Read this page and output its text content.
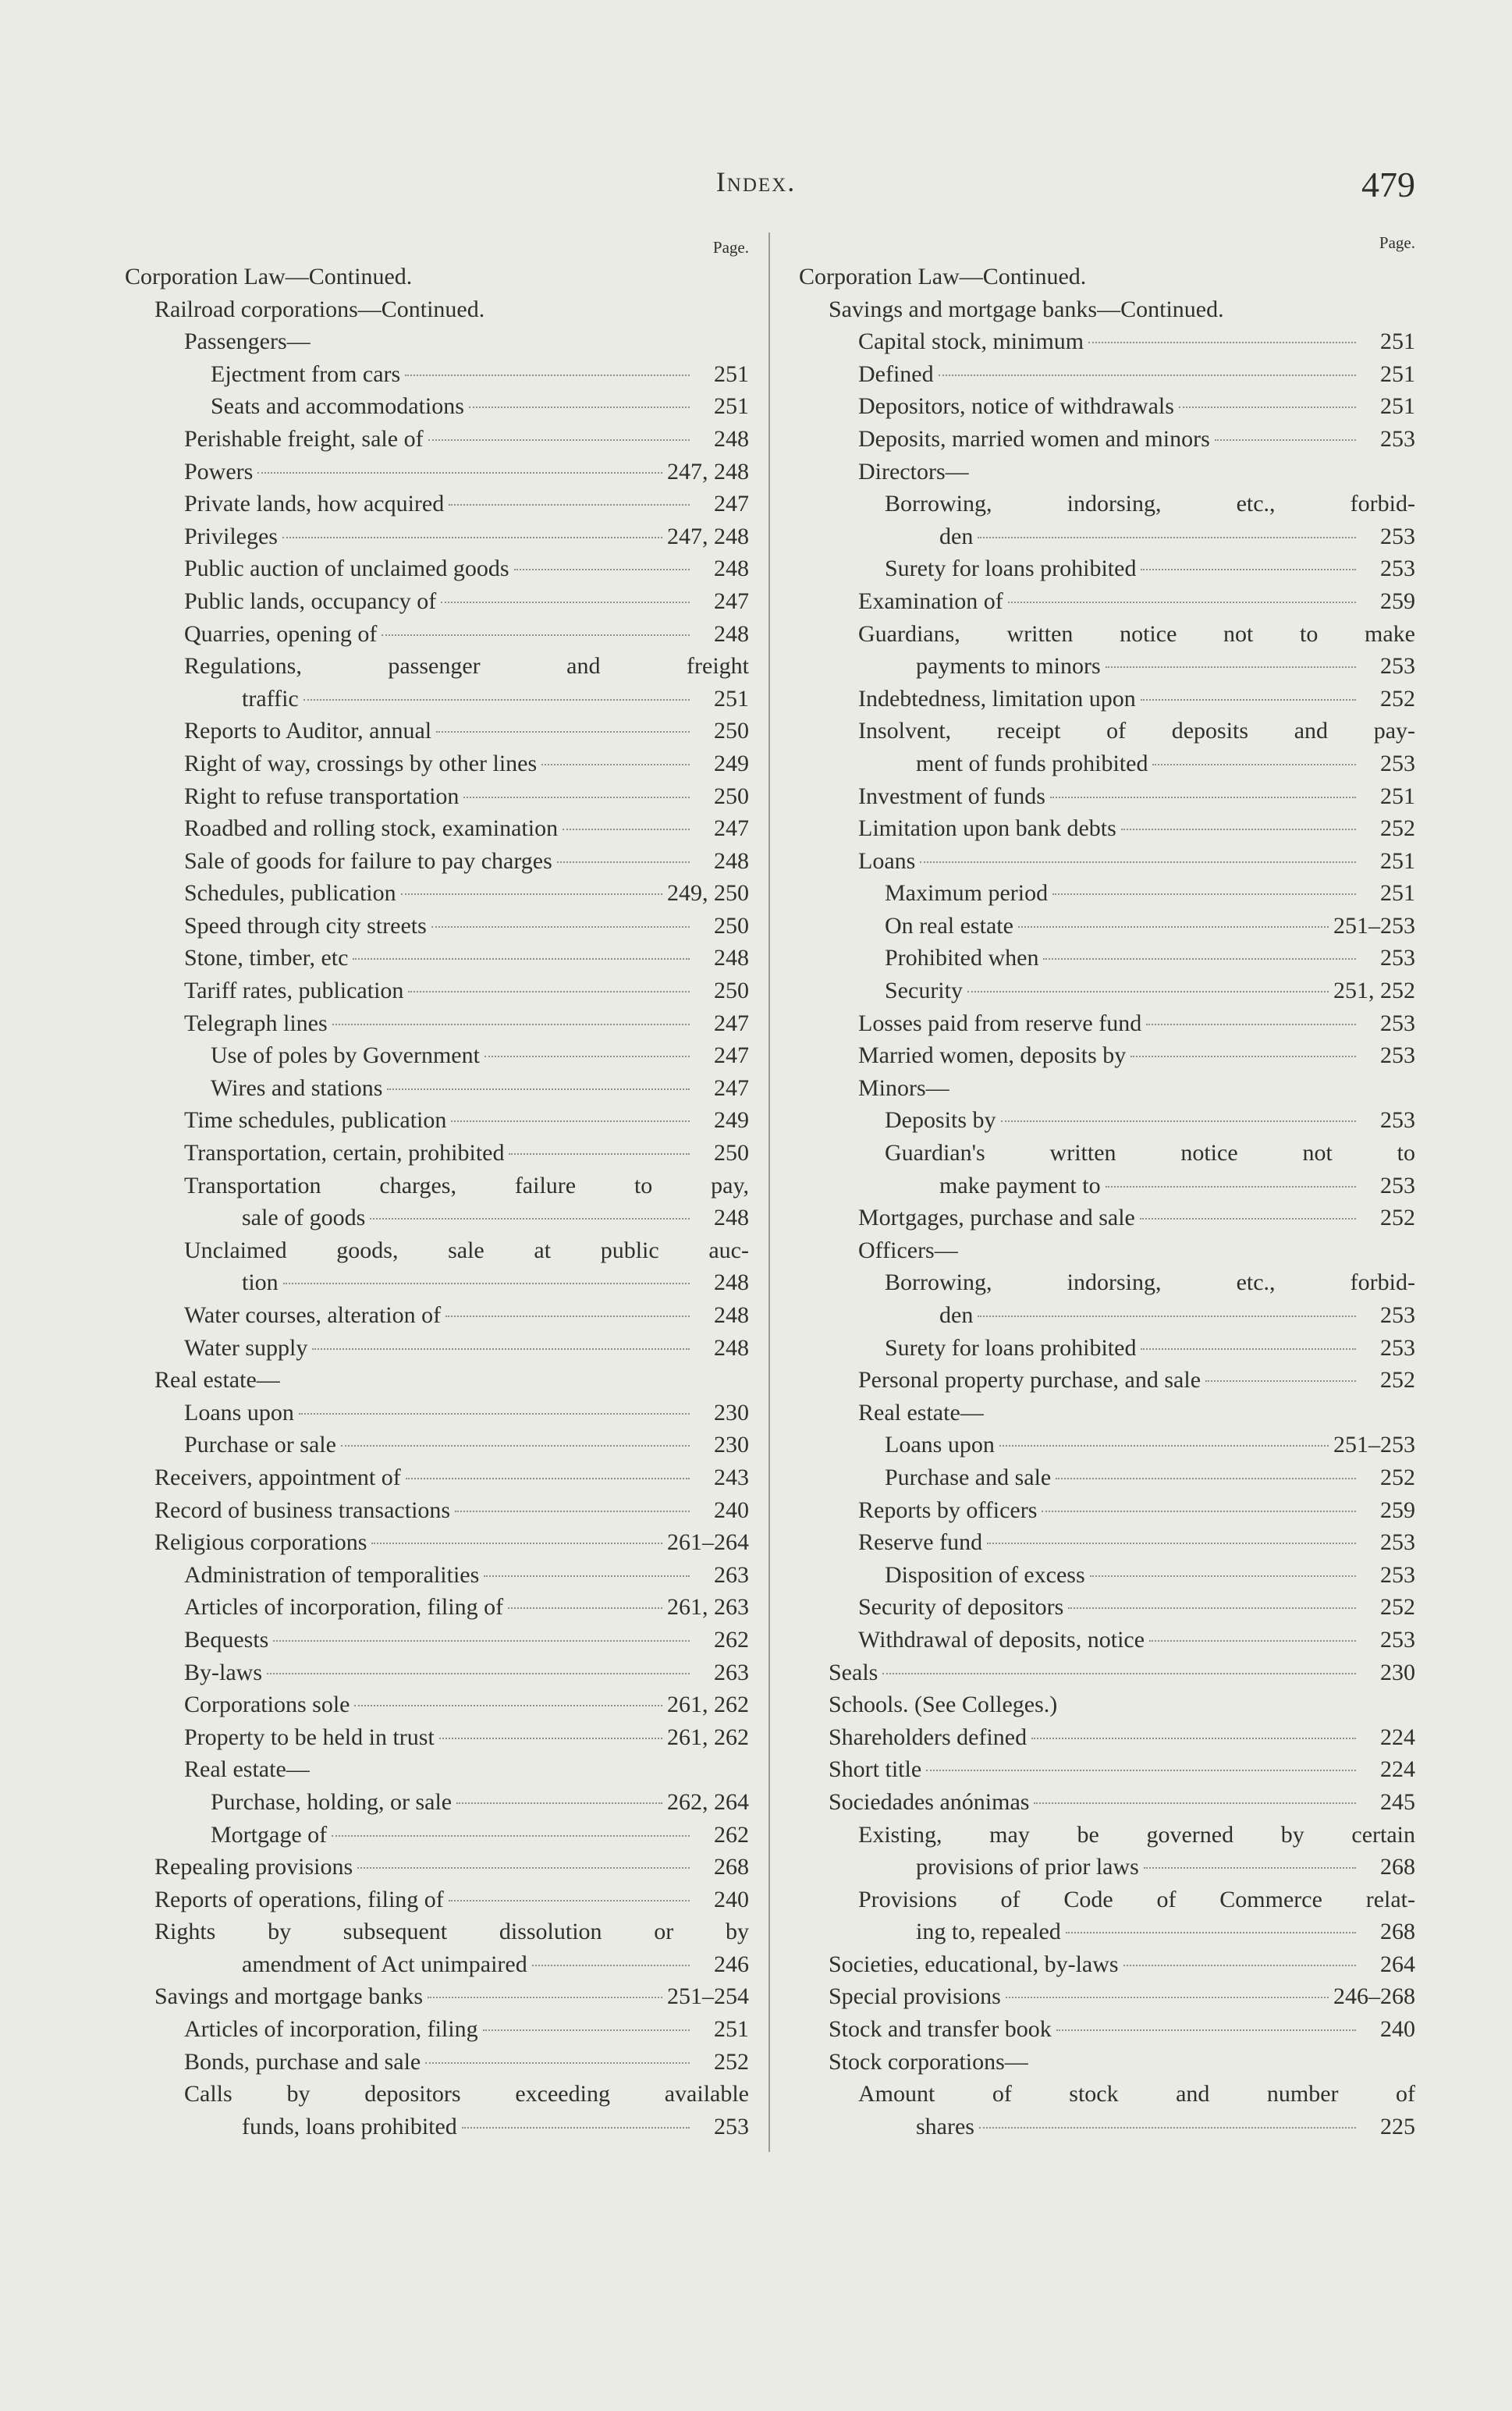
Index.	479
Page.
Corporation Law—Continued.
Railroad corporations—Continued.
Passengers—
Ejectment from cars	251
Seats and accommodations	251
Perishable freight, sale of	248
Powers	247, 248
Private lands, how acquired	247
Privileges	247, 248
Public auction of unclaimed goods	248
Public lands, occupancy of	247
Quarries, opening of	248
Regulations, passenger and freight
traffic	251
Reports to Auditor, annual	250
Right of way, crossings by other lines	249
Right to refuse transportation	250
Roadbed and rolling stock, examination	247
Sale of goods for failure to pay charges	248
Schedules, publication	249, 250
Speed through city streets	250
Stone, timber, etc	248
Tariff rates, publication	250
Telegraph lines	247
Use of poles by Government	247
Wires and stations	247
Time schedules, publication	249
Transportation, certain, prohibited	250
Transportation charges, failure to pay,
sale of goods	248
Unclaimed goods, sale at public auc-
tion	248
Water courses, alteration of	248
Water supply	248
Real estate—
Loans upon	230
Purchase or sale	230
Receivers, appointment of	243
Record of business transactions	240
Religious corporations	261–264
Administration of temporalities	263
Articles of incorporation, filing of	261, 263
Bequests	262
By-laws	263
Corporations sole	261, 262
Property to be held in trust	261, 262
Real estate—
Purchase, holding, or sale	262, 264
Mortgage of	262
Repealing provisions	268
Reports of operations, filing of	240
Rights by subsequent dissolution or by
amendment of Act unimpaired	246
Savings and mortgage banks	251–254
Articles of incorporation, filing	251
Bonds, purchase and sale	252
Calls by depositors exceeding available
funds, loans prohibited	253
Page.
Corporation Law—Continued.
Savings and mortgage banks—Continued.
Capital stock, minimum	251
Defined	251
Depositors, notice of withdrawals	251
Deposits, married women and minors	253
Directors—
Borrowing, indorsing, etc., forbid-
den	253
Surety for loans prohibited	253
Examination of	259
Guardians, written notice not to make
payments to minors	253
Indebtedness, limitation upon	252
Insolvent, receipt of deposits and pay-
ment of funds prohibited	253
Investment of funds	251
Limitation upon bank debts	252
Loans	251
Maximum period	251
On real estate	251–253
Prohibited when	253
Security	251, 252
Losses paid from reserve fund	253
Married women, deposits by	253
Minors—
Deposits by	253
Guardian's written notice not to
make payment to	253
Mortgages, purchase and sale	252
Officers—
Borrowing, indorsing, etc., forbid-
den	253
Surety for loans prohibited	253
Personal property purchase, and sale	252
Real estate—
Loans upon	251–253
Purchase and sale	252
Reports by officers	259
Reserve fund	253
Disposition of excess	253
Security of depositors	252
Withdrawal of deposits, notice	253
Seals	230
Schools. (See Colleges.)
Shareholders defined	224
Short title	224
Sociedades anónimas	245
Existing, may be governed by certain
provisions of prior laws	268
Provisions of Code of Commerce relat-
ing to, repealed	268
Societies, educational, by-laws	264
Special provisions	246–268
Stock and transfer book	240
Stock corporations—
Amount of stock and number of
shares	225
